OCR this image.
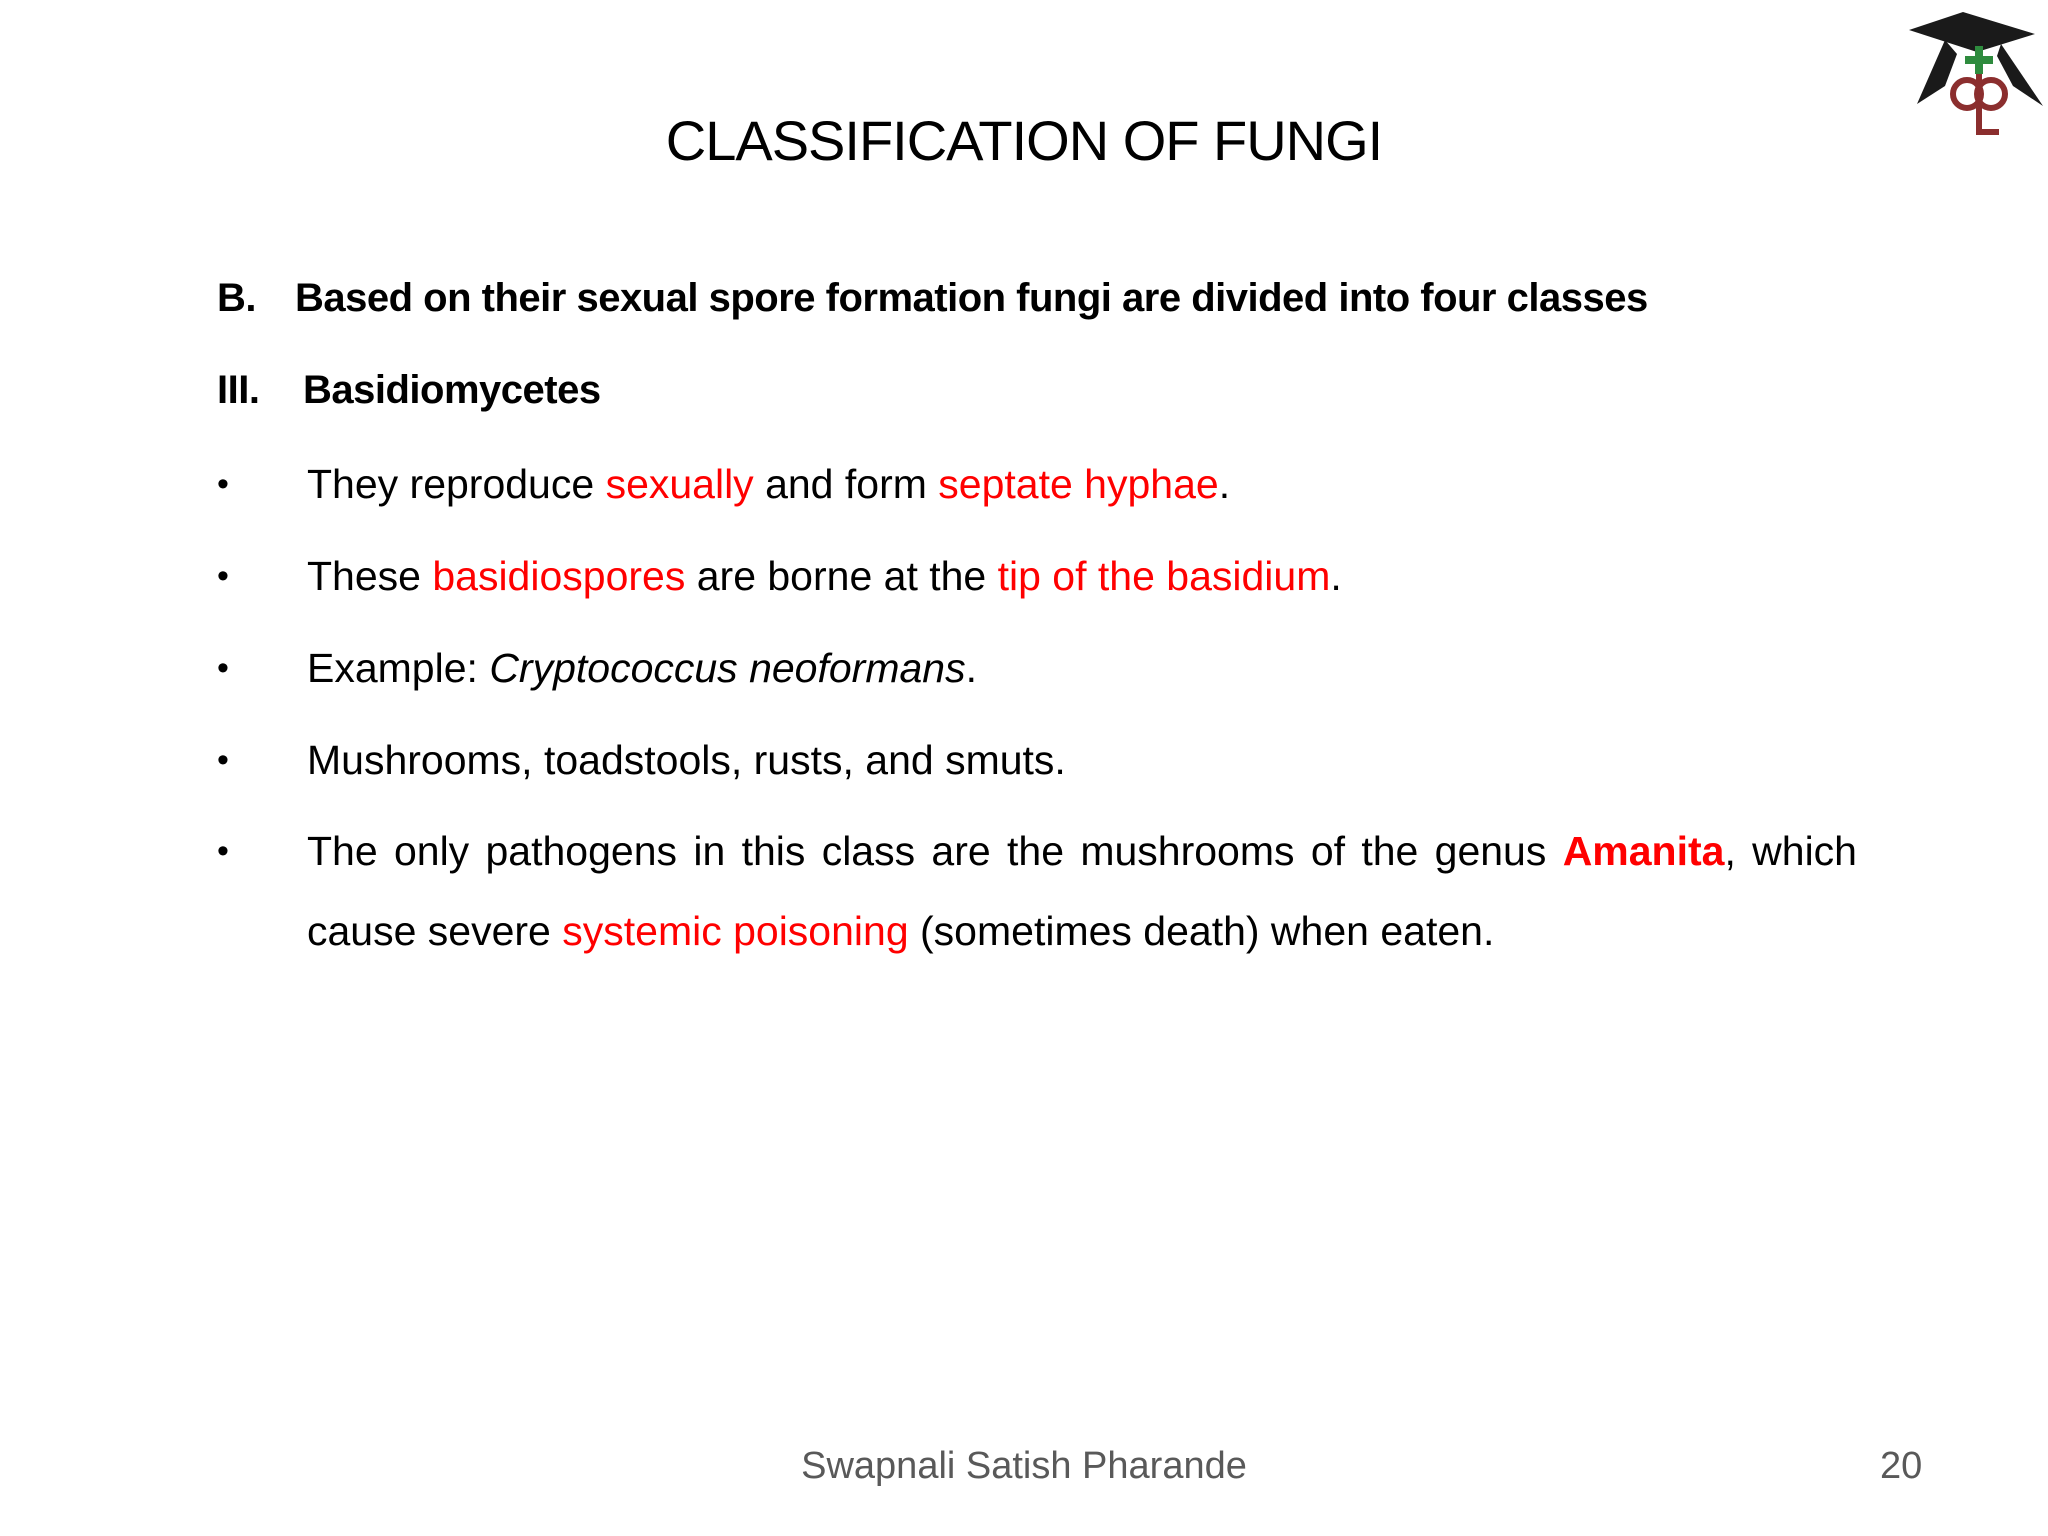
CLASSIFICATION OF FUNGI
B. Based on their sexual spore formation fungi are divided into four classes
III. Basidiomycetes
• They reproduce sexually and form septate hyphae.
• These basidiospores are borne at the tip of the basidium.
• Example: Cryptococcus neoformans.
• Mushrooms, toadstools, rusts, and smuts.
• The only pathogens in this class are the mushrooms of the genus Amanita, which cause severe systemic poisoning (sometimes death) when eaten.
Swapnali Satish Pharande	20
